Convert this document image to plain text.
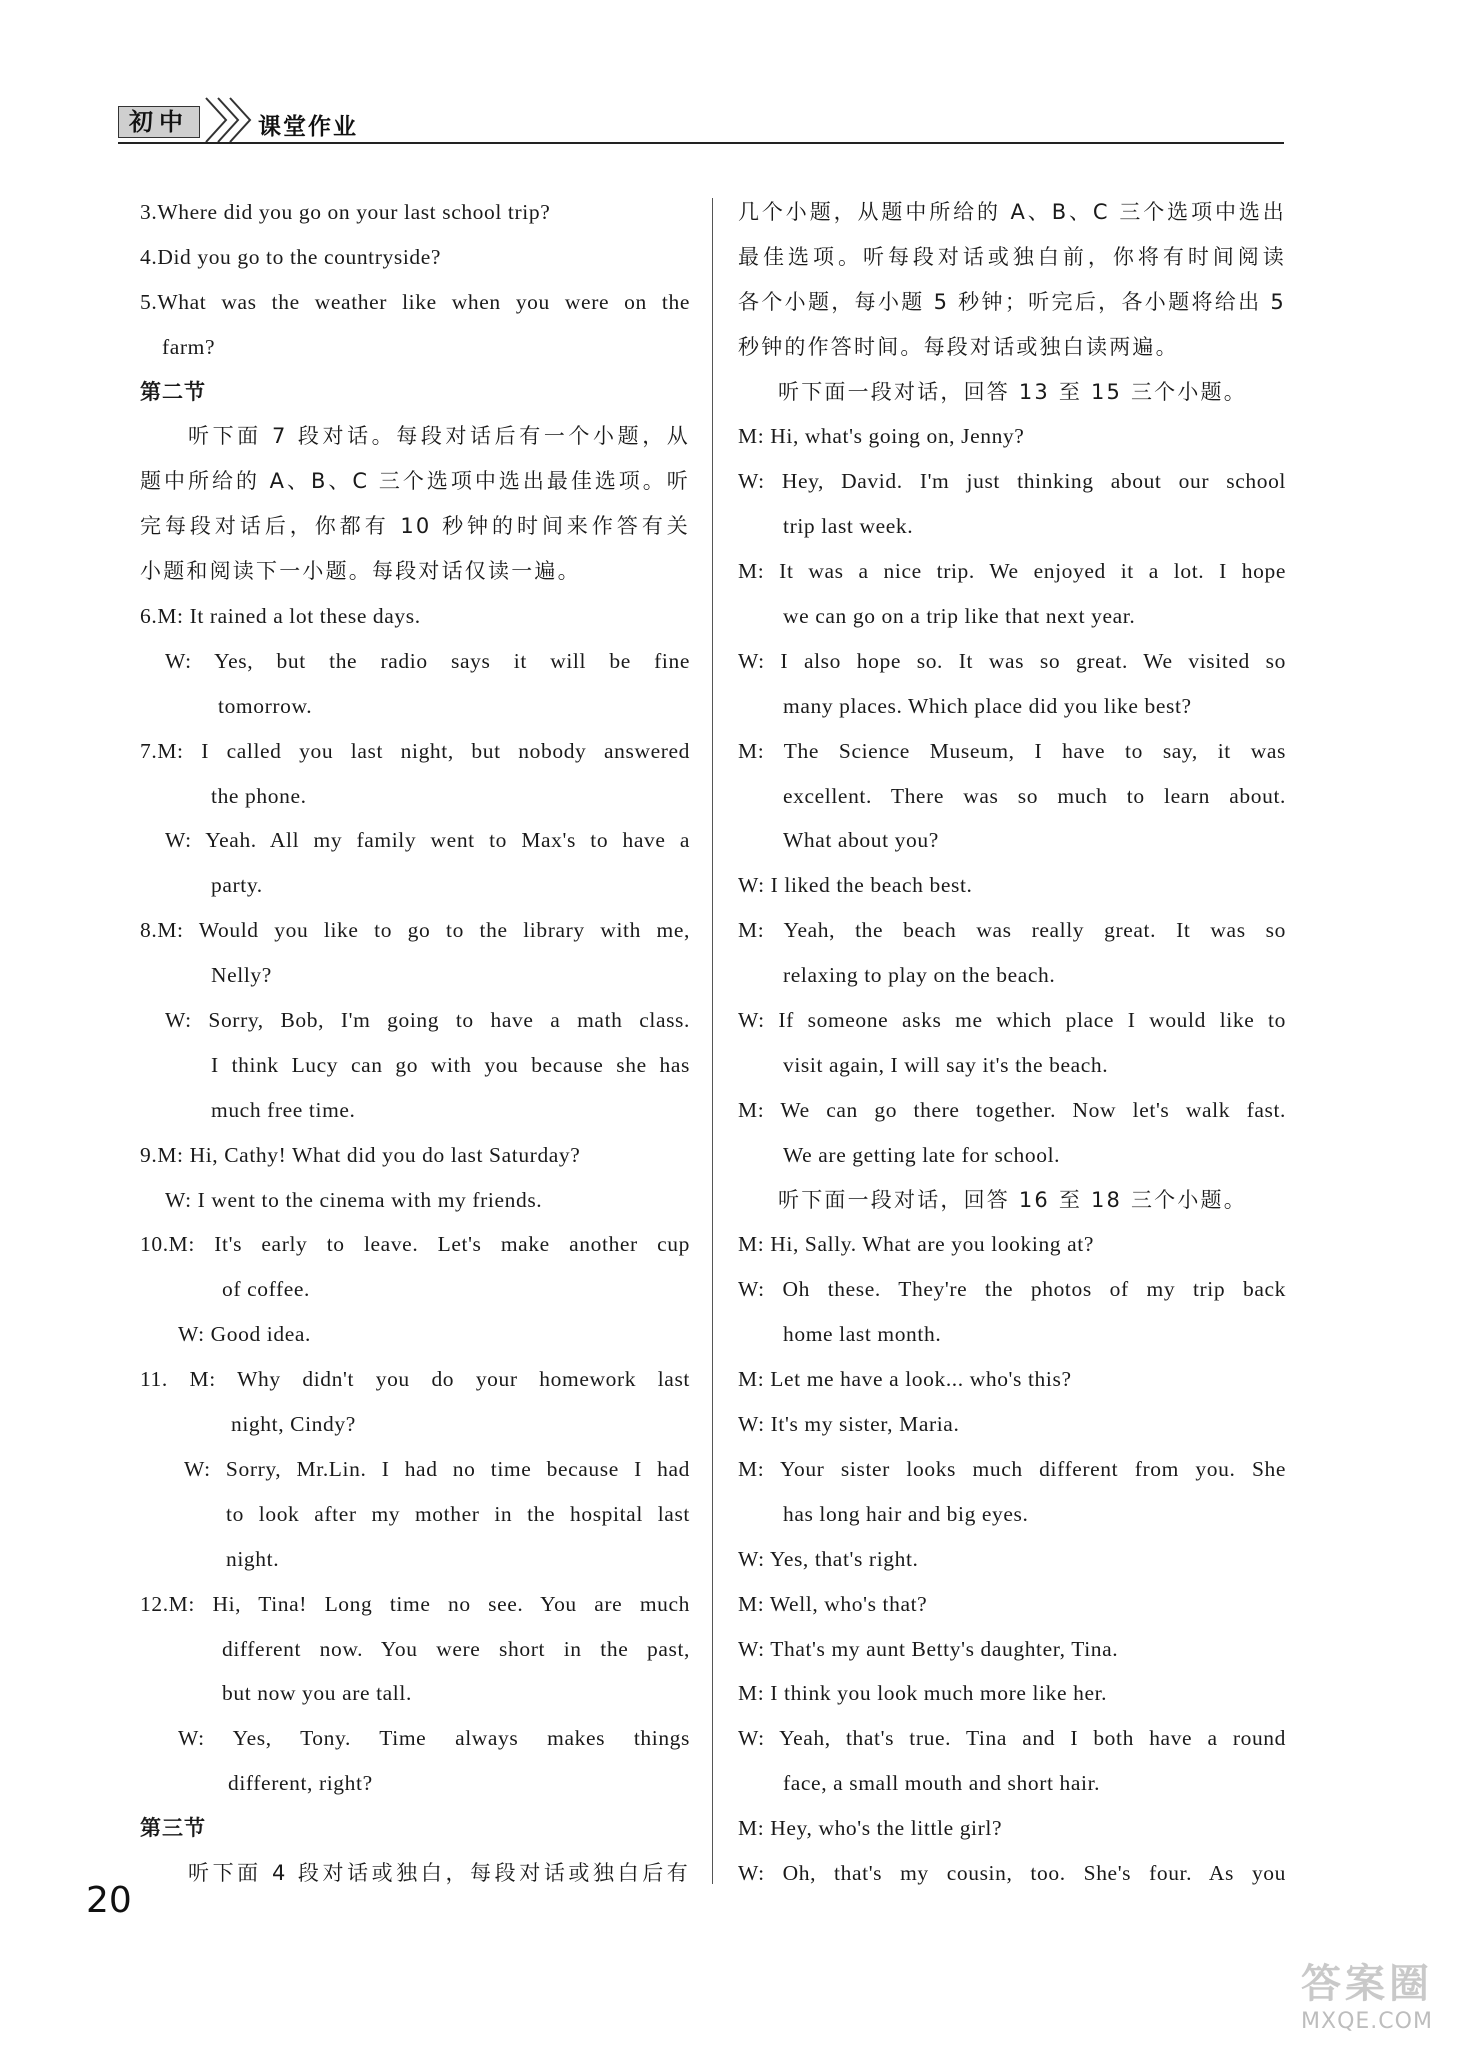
初中	课堂作业
3.Where did you go on your last school trip?
4.Did you go to the countryside?
5.What was the weather like when you were on the
farm?
第二节
听下面 7 段对话。每段对话后有一个小题，从
题中所给的 A、B、C 三个选项中选出最佳选项。听
完每段对话后，你都有 10 秒钟的时间来作答有关
小题和阅读下一小题。每段对话仅读一遍。
6.M: It rained a lot these days.
W: Yes, but the radio says it will be fine
tomorrow.
7.M: I called you last night, but nobody answered
the phone.
W: Yeah. All my family went to Max's to have a
party.
8.M: Would you like to go to the library with me,
Nelly?
W: Sorry, Bob, I'm going to have a math class.
I think Lucy can go with you because she has
much free time.
9.M: Hi, Cathy! What did you do last Saturday?
W: I went to the cinema with my friends.
10.M: It's early to leave. Let's make another cup
of coffee.
W: Good idea.
11. M: Why didn't you do your homework last
night, Cindy?
W: Sorry, Mr.Lin. I had no time because I had
to look after my mother in the hospital last
night.
12.M: Hi, Tina! Long time no see. You are much
different now. You were short in the past,
but now you are tall.
W: Yes, Tony. Time always makes things
different, right?
第三节
听下面 4 段对话或独白，每段对话或独白后有
几个小题，从题中所给的 A、B、C 三个选项中选出
最佳选项。听每段对话或独白前，你将有时间阅读
各个小题，每小题 5 秒钟；听完后，各小题将给出 5
秒钟的作答时间。每段对话或独白读两遍。
听下面一段对话，回答 13 至 15 三个小题。
M: Hi, what's going on, Jenny?
W: Hey, David. I'm just thinking about our school
trip last week.
M: It was a nice trip. We enjoyed it a lot. I hope
we can go on a trip like that next year.
W: I also hope so. It was so great. We visited so
many places. Which place did you like best?
M: The Science Museum, I have to say, it was
excellent. There was so much to learn about.
What about you?
W: I liked the beach best.
M: Yeah, the beach was really great. It was so
relaxing to play on the beach.
W: If someone asks me which place I would like to
visit again, I will say it's the beach.
M: We can go there together. Now let's walk fast.
We are getting late for school.
听下面一段对话，回答 16 至 18 三个小题。
M: Hi, Sally. What are you looking at?
W: Oh these. They're the photos of my trip back
home last month.
M: Let me have a look... who's this?
W: It's my sister, Maria.
M: Your sister looks much different from you. She
has long hair and big eyes.
W: Yes, that's right.
M: Well, who's that?
W: That's my aunt Betty's daughter, Tina.
M: I think you look much more like her.
W: Yeah, that's true. Tina and I both have a round
face, a small mouth and short hair.
M: Hey, who's the little girl?
W: Oh, that's my cousin, too. She's four. As you
20
答案圈
MXQE.COM
